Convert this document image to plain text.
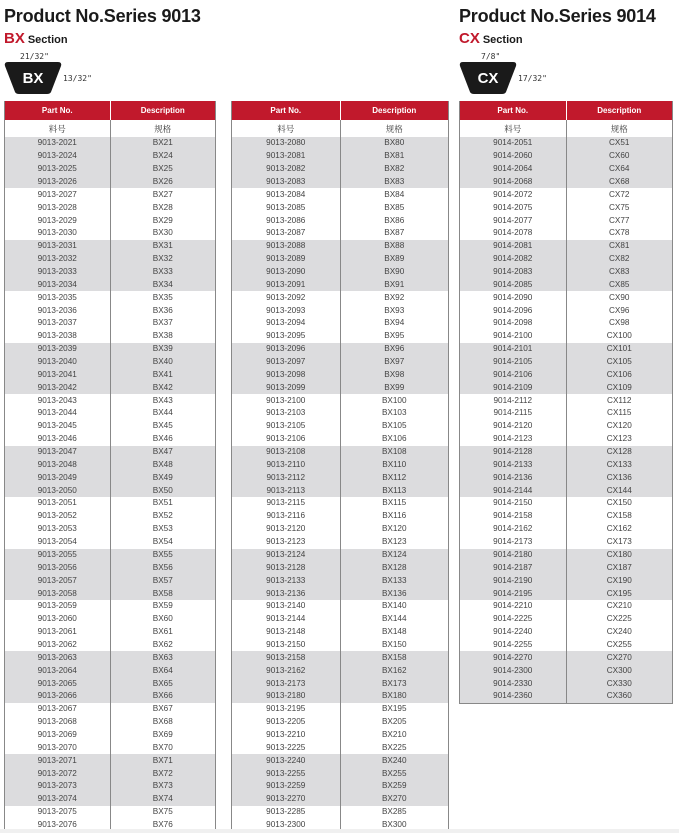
Product No.Series 9013
BX Section
21/32"
BX	13/32"
Product No.Series 9014
CX Section
7/8"
CX	17/32"
Part No.	Description
料号	规格
9013-2021	BX21
9013-2024	BX24
9013-2025	BX25
9013-2026	BX26
9013-2027	BX27
9013-2028	BX28
9013-2029	BX29
9013-2030	BX30
9013-2031	BX31
9013-2032	BX32
9013-2033	BX33
9013-2034	BX34
9013-2035	BX35
9013-2036	BX36
9013-2037	BX37
9013-2038	BX38
9013-2039	BX39
9013-2040	BX40
9013-2041	BX41
9013-2042	BX42
9013-2043	BX43
9013-2044	BX44
9013-2045	BX45
9013-2046	BX46
9013-2047	BX47
9013-2048	BX48
9013-2049	BX49
9013-2050	BX50
9013-2051	BX51
9013-2052	BX52
9013-2053	BX53
9013-2054	BX54
9013-2055	BX55
9013-2056	BX56
9013-2057	BX57
9013-2058	BX58
9013-2059	BX59
9013-2060	BX60
9013-2061	BX61
9013-2062	BX62
9013-2063	BX63
9013-2064	BX64
9013-2065	BX65
9013-2066	BX66
9013-2067	BX67
9013-2068	BX68
9013-2069	BX69
9013-2070	BX70
9013-2071	BX71
9013-2072	BX72
9013-2073	BX73
9013-2074	BX74
9013-2075	BX75
9013-2076	BX76
Part No.	Description
料号	规格
9013-2080	BX80
9013-2081	BX81
9013-2082	BX82
9013-2083	BX83
9013-2084	BX84
9013-2085	BX85
9013-2086	BX86
9013-2087	BX87
9013-2088	BX88
9013-2089	BX89
9013-2090	BX90
9013-2091	BX91
9013-2092	BX92
9013-2093	BX93
9013-2094	BX94
9013-2095	BX95
9013-2096	BX96
9013-2097	BX97
9013-2098	BX98
9013-2099	BX99
9013-2100	BX100
9013-2103	BX103
9013-2105	BX105
9013-2106	BX106
9013-2108	BX108
9013-2110	BX110
9013-2112	BX112
9013-2113	BX113
9013-2115	BX115
9013-2116	BX116
9013-2120	BX120
9013-2123	BX123
9013-2124	BX124
9013-2128	BX128
9013-2133	BX133
9013-2136	BX136
9013-2140	BX140
9013-2144	BX144
9013-2148	BX148
9013-2150	BX150
9013-2158	BX158
9013-2162	BX162
9013-2173	BX173
9013-2180	BX180
9013-2195	BX195
9013-2205	BX205
9013-2210	BX210
9013-2225	BX225
9013-2240	BX240
9013-2255	BX255
9013-2259	BX259
9013-2270	BX270
9013-2285	BX285
9013-2300	BX300
Part No.	Description
料号	规格
9014-2051	CX51
9014-2060	CX60
9014-2064	CX64
9014-2068	CX68
9014-2072	CX72
9014-2075	CX75
9014-2077	CX77
9014-2078	CX78
9014-2081	CX81
9014-2082	CX82
9014-2083	CX83
9014-2085	CX85
9014-2090	CX90
9014-2096	CX96
9014-2098	CX98
9014-2100	CX100
9014-2101	CX101
9014-2105	CX105
9014-2106	CX106
9014-2109	CX109
9014-2112	CX112
9014-2115	CX115
9014-2120	CX120
9014-2123	CX123
9014-2128	CX128
9014-2133	CX133
9014-2136	CX136
9014-2144	CX144
9014-2150	CX150
9014-2158	CX158
9014-2162	CX162
9014-2173	CX173
9014-2180	CX180
9014-2187	CX187
9014-2190	CX190
9014-2195	CX195
9014-2210	CX210
9014-2225	CX225
9014-2240	CX240
9014-2255	CX255
9014-2270	CX270
9014-2300	CX300
9014-2330	CX330
9014-2360	CX360
